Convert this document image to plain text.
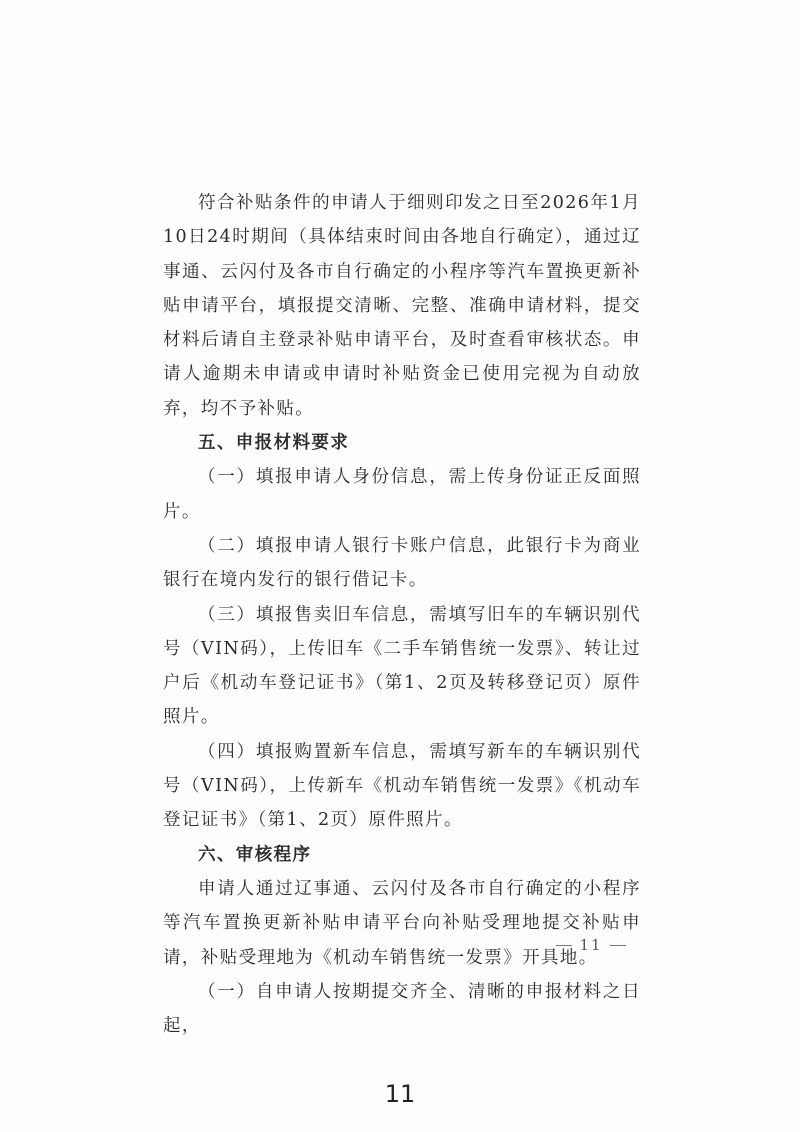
符合补贴条件的申请人于细则印发之日至2026年1月10日24时期间（具体结束时间由各地自行确定），通过辽事通、云闪付及各市自行确定的小程序等汽车置换更新补贴申请平台，填报提交清晰、完整、准确申请材料，提交材料后请自主登录补贴申请平台，及时查看审核状态。申请人逾期未申请或申请时补贴资金已使用完视为自动放弃，均不予补贴。

五、申报材料要求

（一）填报申请人身份信息，需上传身份证正反面照片。

（二）填报申请人银行卡账户信息，此银行卡为商业银行在境内发行的银行借记卡。

（三）填报售卖旧车信息，需填写旧车的车辆识别代号（VIN码），上传旧车《二手车销售统一发票》、转让过户后《机动车登记证书》（第1、2页及转移登记页）原件照片。

（四）填报购置新车信息，需填写新车的车辆识别代号（VIN码），上传新车《机动车销售统一发票》《机动车登记证书》（第1、2页）原件照片。

六、审核程序

申请人通过辽事通、云闪付及各市自行确定的小程序等汽车置换更新补贴申请平台向补贴受理地提交补贴申请，补贴受理地为《机动车销售统一发票》开具地。

（一）自申请人按期提交齐全、清晰的申报材料之日起，

11
11
